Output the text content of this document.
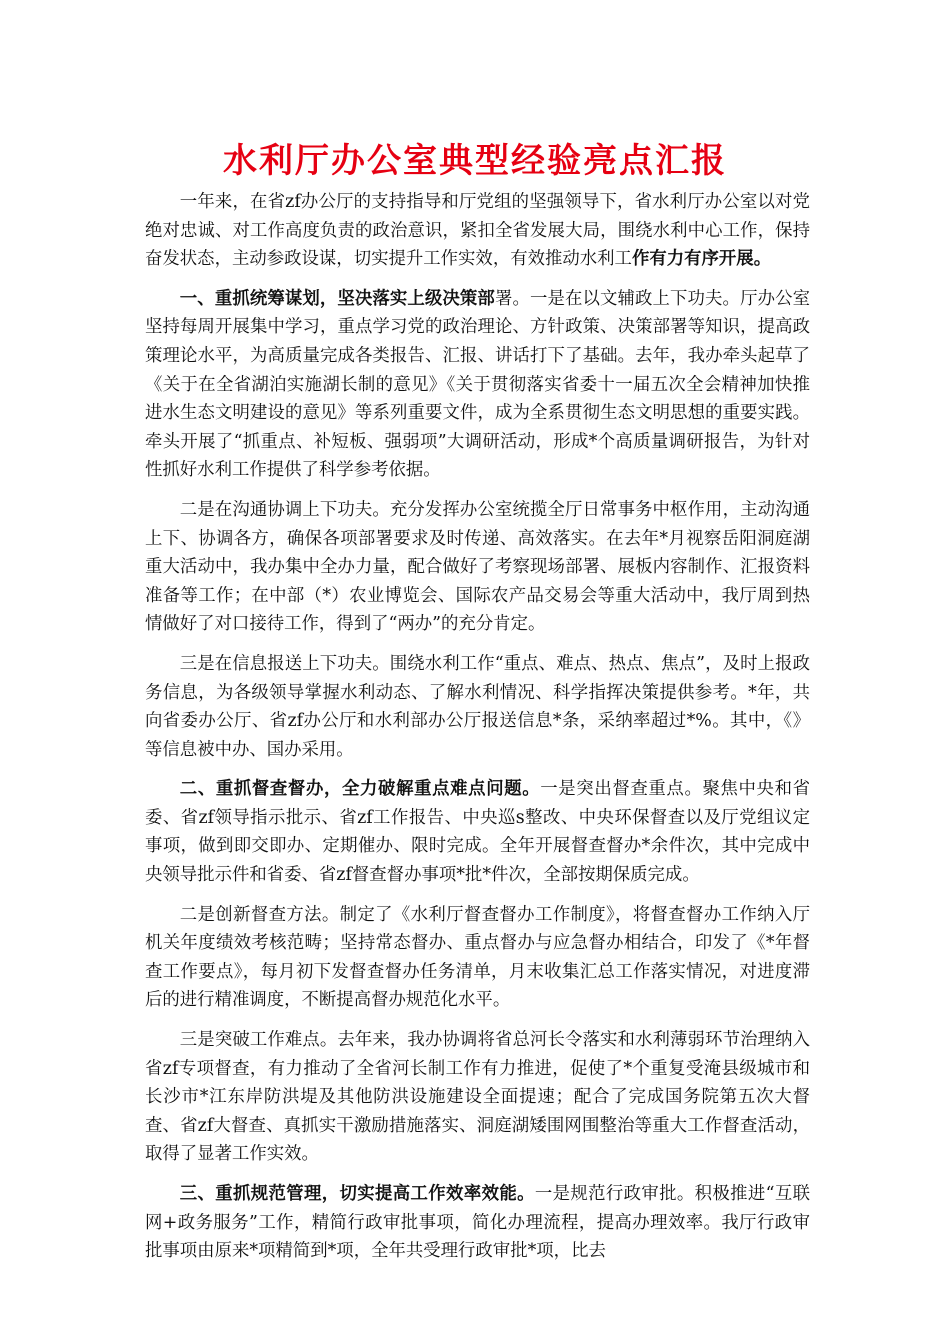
水利厅办公室典型经验亮点汇报

一年来，在省zf办公厅的支持指导和厅党组的坚强领导下，省水利厅办公室以对党绝对忠诚、对工作高度负责的政治意识，紧扣全省发展大局，围绕水利中心工作，保持奋发状态，主动参政设谋，切实提升工作实效，有效推动水利工作有力有序开展。

一、重抓统筹谋划，坚决落实上级决策部署。一是在以文辅政上下功夫。厅办公室坚持每周开展集中学习，重点学习党的政治理论、方针政策、决策部署等知识，提高政策理论水平，为高质量完成各类报告、汇报、讲话打下了基础。去年，我办牵头起草了《关于在全省湖泊实施湖长制的意见》《关于贯彻落实省委十一届五次全会精神加快推进水生态文明建设的意见》等系列重要文件，成为全系贯彻生态文明思想的重要实践。牵头开展了“抓重点、补短板、强弱项”大调研活动，形成*个高质量调研报告，为针对性抓好水利工作提供了科学参考依据。

二是在沟通协调上下功夫。充分发挥办公室统揽全厅日常事务中枢作用，主动沟通上下、协调各方，确保各项部署要求及时传递、高效落实。在去年*月视察岳阳洞庭湖重大活动中，我办集中全办力量，配合做好了考察现场部署、展板内容制作、汇报资料准备等工作；在中部（*）农业博览会、国际农产品交易会等重大活动中，我厅周到热情做好了对口接待工作，得到了“两办”的充分肯定。

三是在信息报送上下功夫。围绕水利工作“重点、难点、热点、焦点”，及时上报政务信息，为各级领导掌握水利动态、了解水利情况、科学指挥决策提供参考。*年，共向省委办公厅、省zf办公厅和水利部办公厅报送信息*条，采纳率超过*%。其中，《》等信息被中办、国办采用。

二、重抓督查督办，全力破解重点难点问题。一是突出督查重点。聚焦中央和省委、省zf领导指示批示、省zf工作报告、中央巡s整改、中央环保督查以及厅党组议定事项，做到即交即办、定期催办、限时完成。全年开展督查督办*余件次，其中完成中央领导批示件和省委、省zf督查督办事项*批*件次，全部按期保质完成。

二是创新督查方法。制定了《水利厅督查督办工作制度》，将督查督办工作纳入厅机关年度绩效考核范畴；坚持常态督办、重点督办与应急督办相结合，印发了《*年督查工作要点》，每月初下发督查督办任务清单，月末收集汇总工作落实情况，对进度滞后的进行精准调度，不断提高督办规范化水平。

三是突破工作难点。去年来，我办协调将省总河长令落实和水利薄弱环节治理纳入省zf专项督查，有力推动了全省河长制工作有力推进，促使了*个重复受淹县级城市和长沙市*江东岸防洪堤及其他防洪设施建设全面提速；配合了完成国务院第五次大督查、省zf大督查、真抓实干激励措施落实、洞庭湖矮围网围整治等重大工作督查活动，取得了显著工作实效。

三、重抓规范管理，切实提高工作效率效能。一是规范行政审批。积极推进“互联网+政务服务”工作，精简行政审批事项，简化办理流程，提高办理效率。我厅行政审批事项由原来*项精简到*项，全年共受理行政审批*项，比去
